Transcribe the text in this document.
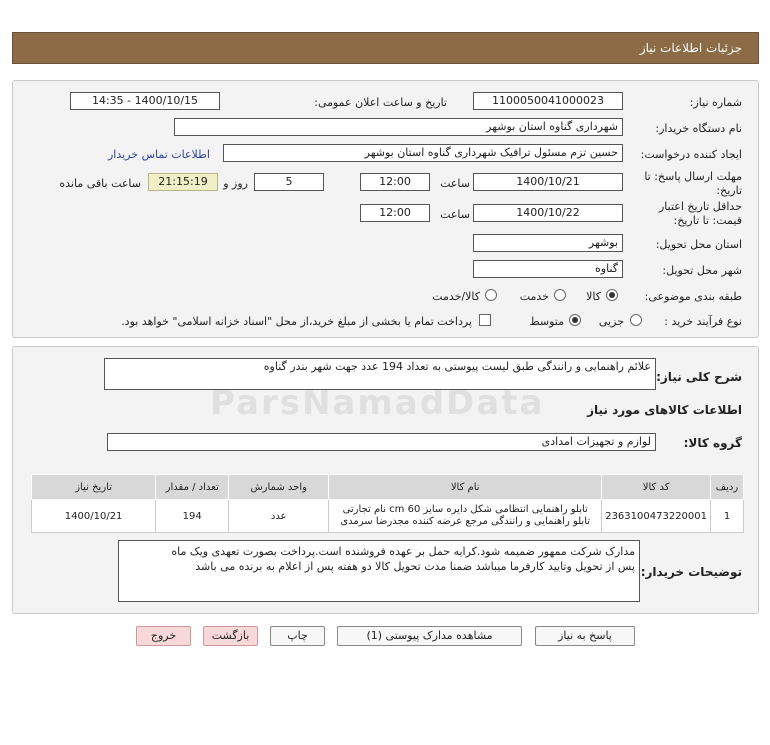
جزئیات اطلاعات نیاز
شماره نیاز:
1100050041000023
تاریخ و ساعت اعلان عمومی:
1400/10/15 - 14:35
نام دستگاه خریدار:
شهرداری گناوه استان بوشهر
ایجاد کننده درخواست:
حسین تزم مسئول ترافیک شهرداری گناوه استان بوشهر
اطلاعات تماس خریدار
مهلت ارسال پاسخ: تا
تاریخ:
1400/10/21
ساعت
12:00
5
روز و
21:15:19
ساعت باقی مانده
حداقل تاریخ اعتبار
قیمت: تا تاریخ:
1400/10/22
ساعت
12:00
استان محل تحویل:
بوشهر
شهر محل تحویل:
گناوه
طبقه بندی موضوعی:
کالا
خدمت
کالا/خدمت
نوع فرآیند خرید :
جزیی
متوسط
پرداخت تمام یا بخشی از مبلغ خرید،از محل "اسناد خزانه اسلامی" خواهد بود.
شرح کلی نیاز:
علائم راهنمایی و رانندگی طبق لیست پیوستی به تعداد 194 عدد جهت شهر بندر گناوه
اطلاعات کالاهای مورد نیاز
گروه کالا:
لوازم و تجهیزات امدادی
ردیف	کد کالا	نام کالا	واحد شمارش	تعداد / مقدار	تاریخ نیاز
1	2363100473220001	تابلو راهنمایی انتظامی شکل دایره سایز cm 60 نام تجارتی
تابلو راهنمایی و رانندگی مرجع عرضه کننده مجدرضا سرمدی	عدد	194	1400/10/21
توضیحات خریدار:
مدارک شرکت ممهور ضمیمه شود.کرایه حمل بر عهده فروشنده است.پرداخت بصورت تعهدی ویک ماه
پس از تحویل وتایید کارفرما میباشد ضمنا مدت تحویل کالا دو هفته پس از اعلام به برنده می باشد
پاسخ به نیاز
مشاهده مدارک پیوستی (1)
چاپ
بازگشت
خروج
